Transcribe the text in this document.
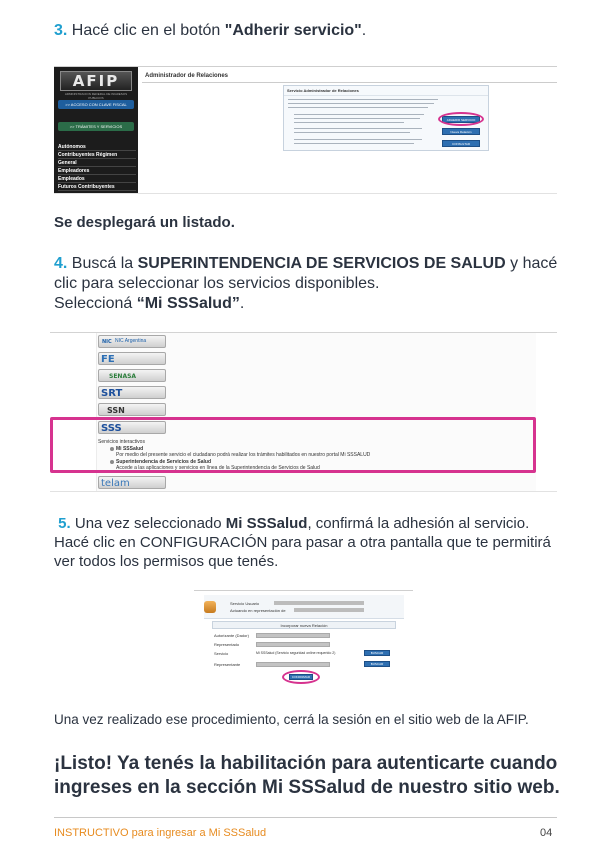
3. Hacé clic en el botón "Adherir servicio".
AFIP
ADMINISTRACION FEDERAL DE INGRESOS PUBLICOS
>> ACCESO CON CLAVE FISCAL
>> TRÁMITES Y SERVICIOS
Autónomos
Contribuyentes Régimen
General
Empleadores
Empleados
Futuros Contribuyentes
Administrador de Relaciones
Servicio Administrador de Relaciones
ADHERIR SERVICIO
Nueva Relación
CONSULTAR
Se desplegará un listado.
4. Buscá la SUPERINTENDENCIA DE SERVICIOS DE SALUD y hacé clic para seleccionar los servicios disponibles.
Seleccioná “Mi SSSalud”.
NIC NIC Argentina
FE
SENASA
SRT
SSN
SSS
Servicios interactivos
Mi SSSalud
Por medio del presente servicio el ciudadano podrá realizar los trámites habilitados en nuestro portal Mi SSSALUD
Superintendencia de Servicios de Salud
Accede a las aplicaciones y servicios en línea de la Superintendencia de Servicios de Salud
telam
5. Una vez seleccionado Mi SSSalud, confirmá la adhesión al servicio.
Hacé clic en CONFIGURACIÓN para pasar a otra pantalla que te permitirá ver todos los permisos que tenés.
Servicio Usuario
Actuando en representación de
Incorporar nueva Relación
Autorizante (Dador)
Representado
Servicio	Mi SSSalud (Servicio seguridad online requerido 2)	BUSCAR
Representante	BUSCAR
CONFIRMAR
Una vez realizado ese procedimiento, cerrá la sesión en el sitio web de la AFIP.
¡Listo! Ya tenés la habilitación para autenticarte cuando ingreses en la sección Mi SSSalud de nuestro sitio web.
INSTRUCTIVO para ingresar a Mi SSSalud	04
